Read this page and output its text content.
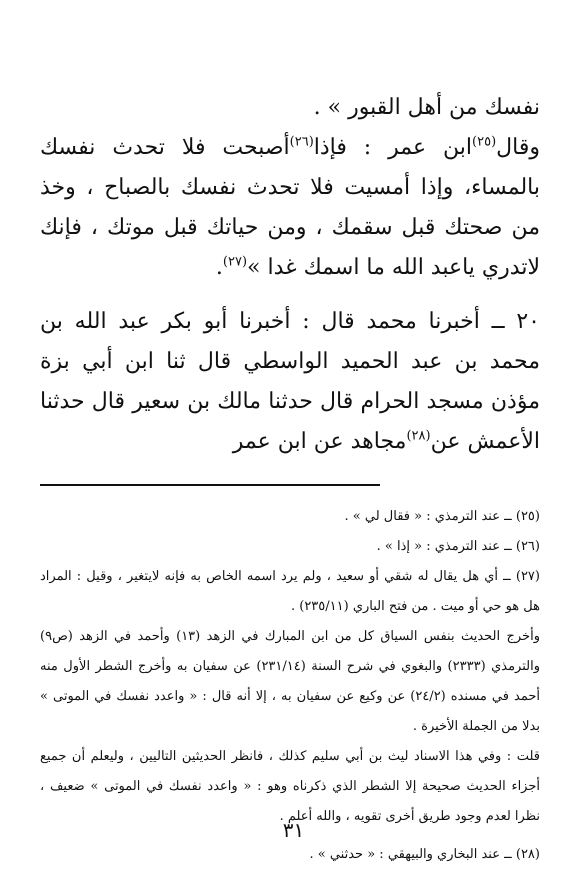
نفسك من أهل القبور » .

وقال$^{(٢٥)}$ابن عمر : فإذا$^{(٢٦)}$أصبحت فلا تحدث نفسك بالمساء، وإذا أمسيت فلا تحدث نفسك بالصباح ، وخذ من صحتك قبل سقمك ، ومن حياتك قبل موتك ، فإنك لاتدري ياعبد الله ما اسمك غدا »$^{(٢٧)}$.

٢٠ ــ أخبرنا محمد قال : أخبرنا أبو بكر عبد الله بن محمد بن عبد الحميد الواسطي قال ثنا ابن أبي بزة مؤذن مسجد الحرام قال حدثنا مالك بن سعير قال حدثنا الأعمش عن$^{(٢٨)}$مجاهد عن ابن عمر

(٢٥) ــ عند الترمذي : « فقال لي » .

(٢٦) ــ عند الترمذي : « إذا » .

(٢٧) ــ أي هل يقال له شقي أو سعيد ، ولم يرد اسمه الخاص به فإنه لايتغير ، وقيل : المراد هل هو حي أو ميت . من فتح الباري (٢٣٥/١١) .

وأخرج الحديث بنفس السياق كل من ابن المبارك في الزهد (١٣) وأحمد في الزهد (ص٩) والترمذي (٢٣٣٣) والبغوي في شرح السنة (٢٣١/١٤) عن سفيان به وأخرج الشطر الأول منه أحمد في مسنده (٢٤/٢) عن وكيع عن سفيان به ، إلا أنه قال : « واعدد نفسك في الموتى » بدلا من الجملة الأخيرة .

قلت : وفي هذا الاسناد ليث بن أبي سليم كذلك ، فانظر الحديثين التاليين ، وليعلم أن جميع أجزاء الحديث صحيحة إلا الشطر الذي ذكرناه وهو : « واعدد نفسك في الموتى » ضعيف ، نظرا لعدم وجود طريق أخرى تقويه ، والله أعلم .

(٢٨) ــ عند البخاري والبيهقي : « حدثني » .

٣١
